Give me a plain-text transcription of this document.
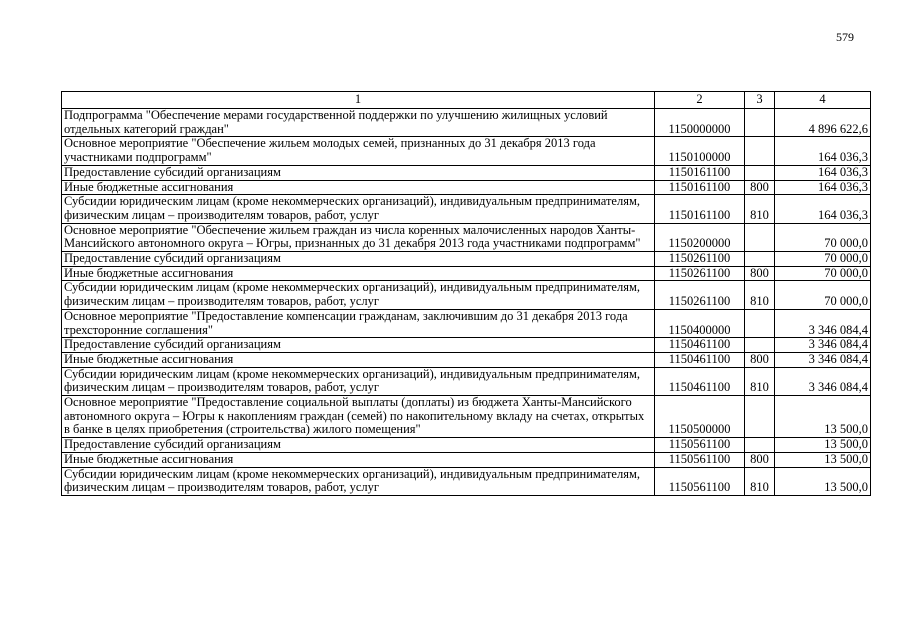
579
1	2	3	4
Подпрограмма "Обеспечение мерами государственной поддержки по улучшению жилищных условий отдельных категорий граждан"	1150000000		4 896 622,6
Основное мероприятие "Обеспечение жильем молодых семей, признанных до 31 декабря 2013 года участниками подпрограмм"	1150100000		164 036,3
Предоставление субсидий организациям	1150161100		164 036,3
Иные бюджетные ассигнования	1150161100	800	164 036,3
Субсидии юридическим лицам (кроме некоммерческих организаций), индивидуальным предпринимателям, физическим лицам – производителям товаров, работ, услуг	1150161100	810	164 036,3
Основное мероприятие "Обеспечение жильем граждан из числа коренных малочисленных народов Ханты-Мансийского автономного округа – Югры, признанных до 31 декабря 2013 года участниками подпрограмм"	1150200000		70 000,0
Предоставление субсидий организациям	1150261100		70 000,0
Иные бюджетные ассигнования	1150261100	800	70 000,0
Субсидии юридическим лицам (кроме некоммерческих организаций), индивидуальным предпринимателям, физическим лицам – производителям товаров, работ, услуг	1150261100	810	70 000,0
Основное мероприятие "Предоставление компенсации гражданам, заключившим до 31 декабря 2013 года трехсторонние соглашения"	1150400000		3 346 084,4
Предоставление субсидий организациям	1150461100		3 346 084,4
Иные бюджетные ассигнования	1150461100	800	3 346 084,4
Субсидии юридическим лицам (кроме некоммерческих организаций), индивидуальным предпринимателям, физическим лицам – производителям товаров, работ, услуг	1150461100	810	3 346 084,4
Основное мероприятие "Предоставление социальной выплаты (доплаты) из бюджета Ханты-Мансийского автономного округа – Югры к накоплениям граждан (семей) по накопительному вкладу на счетах, открытых в банке в целях приобретения (строительства) жилого помещения"	1150500000		13 500,0
Предоставление субсидий организациям	1150561100		13 500,0
Иные бюджетные ассигнования	1150561100	800	13 500,0
Субсидии юридическим лицам (кроме некоммерческих организаций), индивидуальным предпринимателям, физическим лицам – производителям товаров, работ, услуг	1150561100	810	13 500,0
